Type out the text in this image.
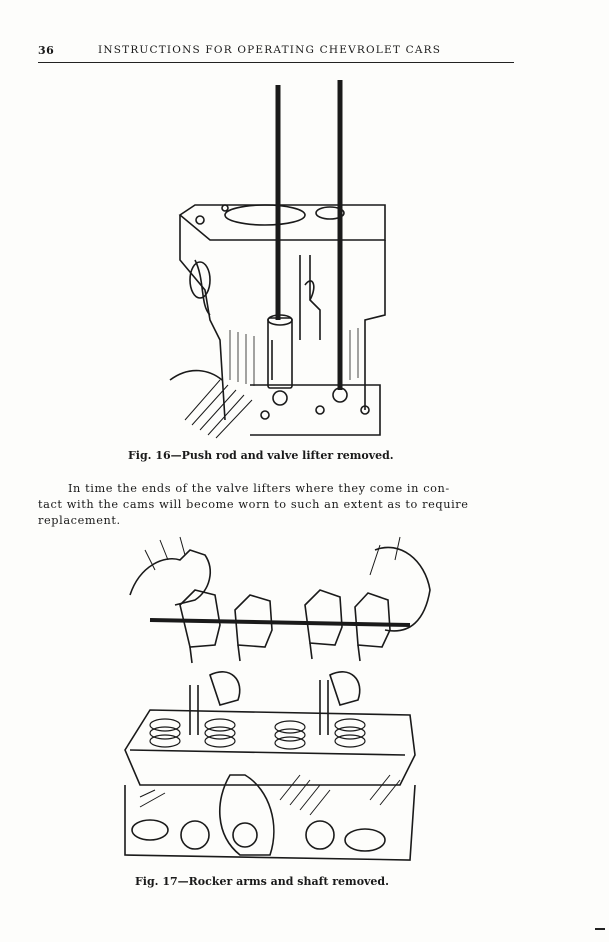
36	INSTRUCTIONS FOR OPERATING CHEVROLET CARS
Fig. 16—Push rod and valve lifter removed.
In time the ends of the valve lifters where they come in con-
tact with the cams will become worn to such an extent as to require
replacement.
Fig. 17—Rocker arms and shaft removed.
